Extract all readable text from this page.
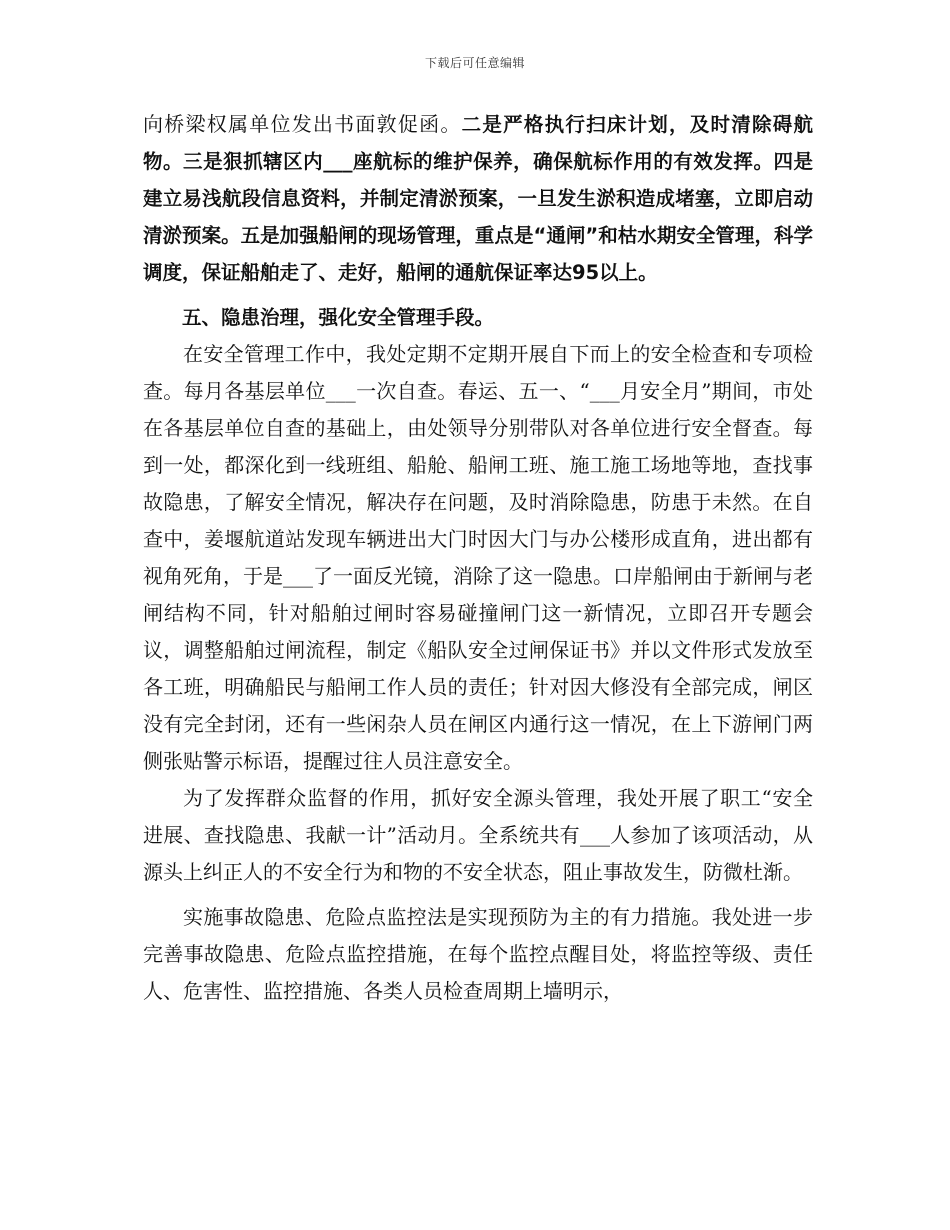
下载后可任意编辑

向桥梁权属单位发出书面敦促函。二是严格执行扫床计划，及时清除碍航物。三是狠抓辖区内___座航标的维护保养，确保航标作用的有效发挥。四是建立易浅航段信息资料，并制定清淤预案，一旦发生淤积造成堵塞，立即启动清淤预案。五是加强船闸的现场管理，重点是“通闸”和枯水期安全管理，科学调度，保证船舶走了、走好，船闸的通航保证率达95以上。

五、隐患治理，强化安全管理手段。

在安全管理工作中，我处定期不定期开展自下而上的安全检查和专项检查。每月各基层单位___一次自查。春运、五一、“___月安全月”期间，市处在各基层单位自查的基础上，由处领导分别带队对各单位进行安全督查。每到一处，都深化到一线班组、船舱、船闸工班、施工施工场地等地，查找事故隐患，了解安全情况，解决存在问题，及时消除隐患，防患于未然。在自查中，姜堰航道站发现车辆进出大门时因大门与办公楼形成直角，进出都有视角死角，于是___了一面反光镜，消除了这一隐患。口岸船闸由于新闸与老闸结构不同，针对船舶过闸时容易碰撞闸门这一新情况，立即召开专题会议，调整船舶过闸流程，制定《船队安全过闸保证书》并以文件形式发放至各工班，明确船民与船闸工作人员的责任；针对因大修没有全部完成，闸区没有完全封闭，还有一些闲杂人员在闸区内通行这一情况，在上下游闸门两侧张贴警示标语，提醒过往人员注意安全。

为了发挥群众监督的作用，抓好安全源头管理，我处开展了职工“安全进展、查找隐患、我献一计”活动月。全系统共有___人参加了该项活动，从源头上纠正人的不安全行为和物的不安全状态，阻止事故发生，防微杜渐。

实施事故隐患、危险点监控法是实现预防为主的有力措施。我处进一步完善事故隐患、危险点监控措施，在每个监控点醒目处，将监控等级、责任人、危害性、监控措施、各类人员检查周期上墙明示，
